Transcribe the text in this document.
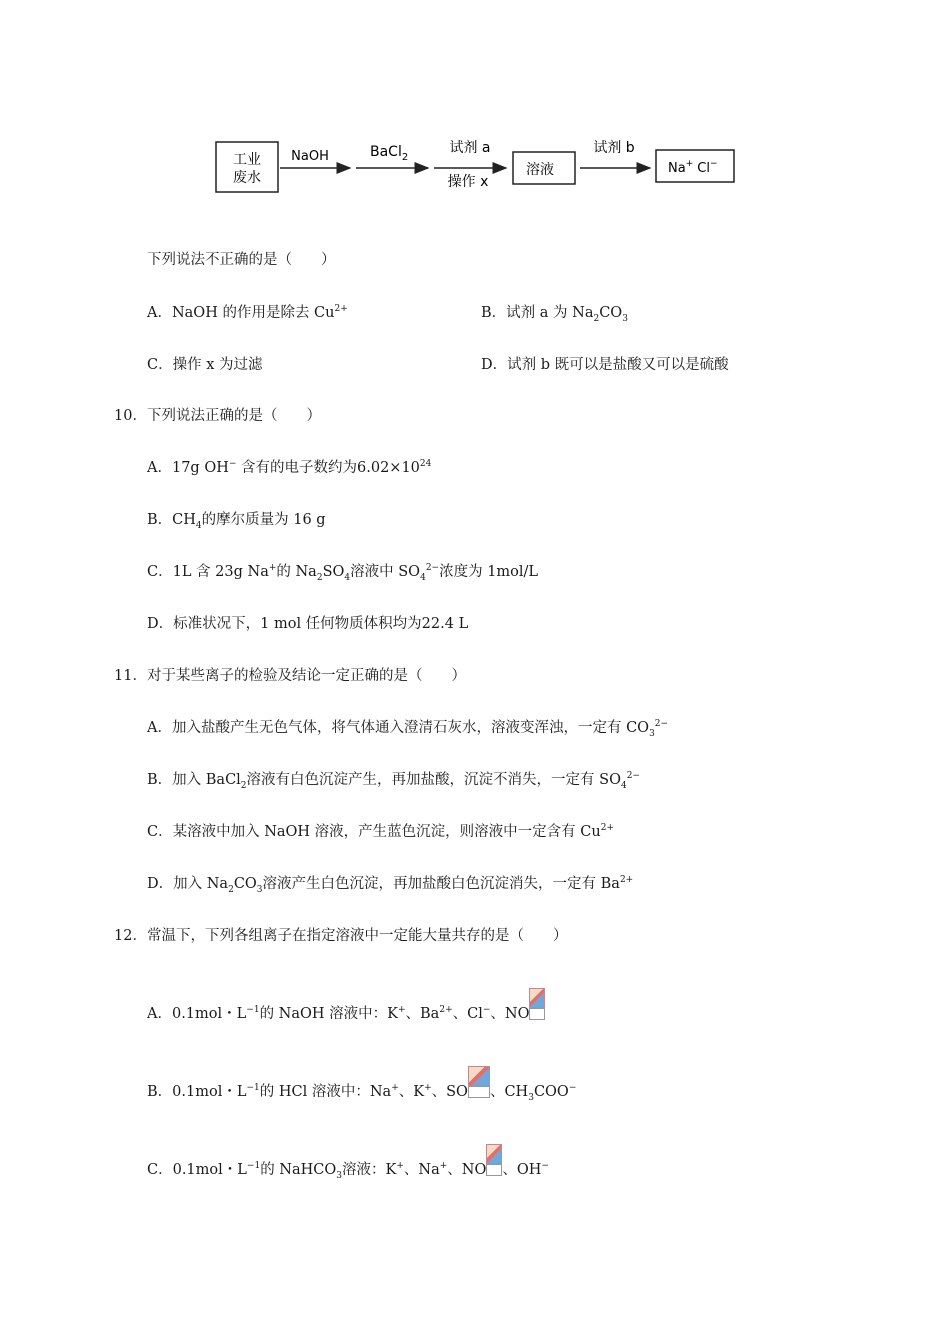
工业
废水
NaOH	BaCl$_2$
试剂 a
操作 x
溶液
试剂 b
Na+ Cl−
下列说法不正确的是（　　）
A．NaOH 的作用是除去 $Cu^{2+}$	B．试剂 a 为 $Na_2CO_3$
C．操作 x 为过滤	D．试剂 b 既可以是盐酸又可以是硫酸
10．下列说法正确的是（　　）
A．17g OH− 含有的电子数约为$6.02\times 10^{24}$
B．$CH_4$的摩尔质量为 16 g
C．1L 含 23g Na+的 $Na_2SO_4$溶液中 $SO_4^{2-}$浓度为 1mol/L
D．标准状况下，1 mol 任何物质体积均为22.4 L
11．对于某些离子的检验及结论一定正确的是（　　）
A．加入盐酸产生无色气体，将气体通入澄清石灰水，溶液变浑浊，一定有 $CO_3^{2-}$
B．加入 BaCl$_2$溶液有白色沉淀产生，再加盐酸，沉淀不消失，一定有 $SO_4^{2-}$
C．某溶液中加入 NaOH 溶液，产生蓝色沉淀，则溶液中一定含有 $Cu^{2+}$
D．加入 $Na_2CO_3$溶液产生白色沉淀，再加盐酸白色沉淀消失，一定有 $Ba^{2+}$
12．常温下，下列各组离子在指定溶液中一定能大量共存的是（　　）
A．0.1mol・$L^{-1}$的 NaOH 溶液中：K+、$Ba^{2+}$、Cl−、NO
B．0.1mol・$L^{-1}$的 HCl 溶液中：Na+、K+、SO 、$CH_3COO^-$
C．0.1mol・$L^{-1}$的 NaHCO$_3$溶液：K+、Na+、NO 、OH−
